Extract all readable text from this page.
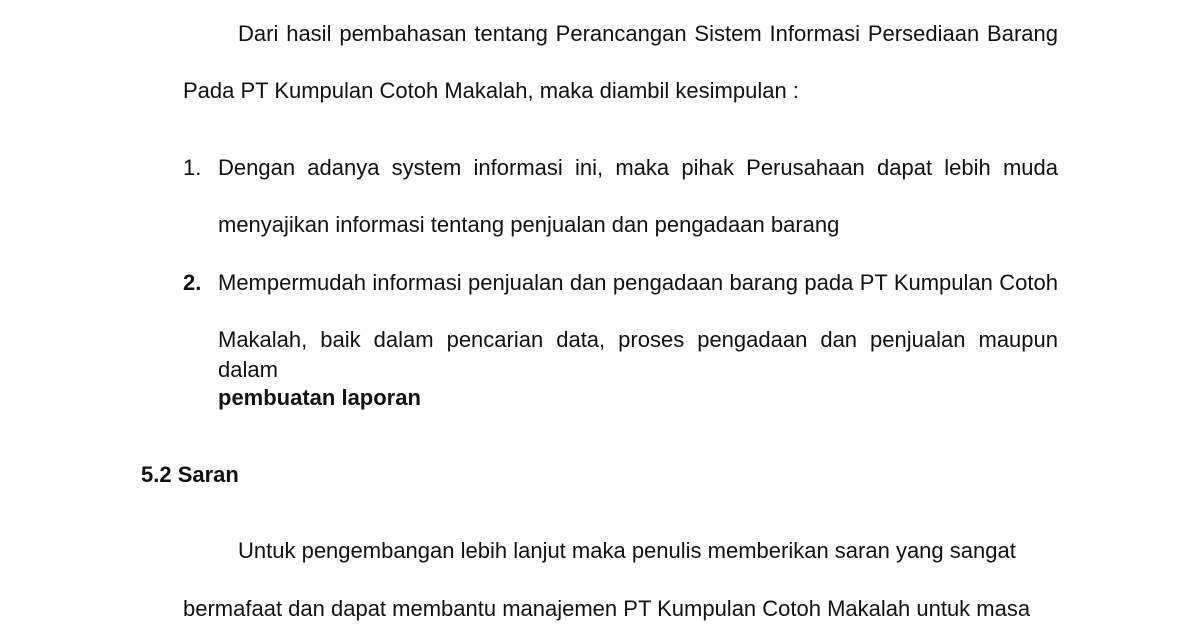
Dari hasil pembahasan tentang Perancangan Sistem Informasi Persediaan Barang
Pada PT Kumpulan Cotoh Makalah, maka diambil kesimpulan :
1. Dengan adanya system informasi ini, maka pihak Perusahaan dapat lebih muda
menyajikan informasi tentang penjualan dan pengadaan barang
2. Mempermudah informasi penjualan dan pengadaan barang pada PT Kumpulan Cotoh
Makalah, baik dalam pencarian data, proses pengadaan dan penjualan maupun dalam
pembuatan laporan
5.2 Saran
Untuk pengembangan lebih lanjut maka penulis memberikan saran yang sangat
bermafaat dan dapat membantu manajemen PT Kumpulan Cotoh Makalah untuk masa
